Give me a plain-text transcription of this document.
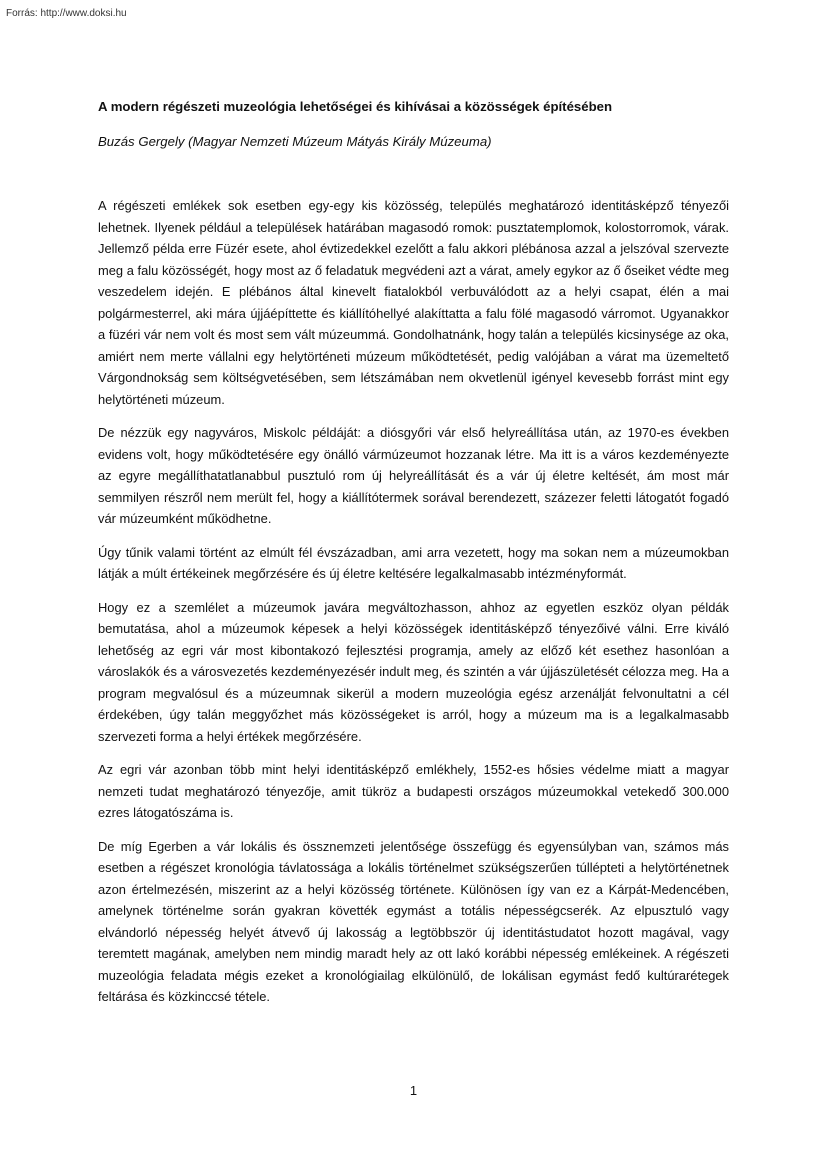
Forrás: http://www.doksi.hu
A modern régészeti muzeológia lehetőségei és kihívásai a közösségek építésében

Buzás Gergely (Magyar Nemzeti Múzeum Mátyás Király Múzeuma)

A régészeti emlékek sok esetben egy-egy kis közösség, település meghatározó identitásképző tényezői lehetnek. Ilyenek például a települések határában magasodó romok: pusztatemplomok, kolostorromok, várak. Jellemző példa erre Füzér esete, ahol évtizedekkel ezelőtt a falu akkori plébánosa azzal a jelszóval szervezte meg a falu közösségét, hogy most az ő feladatuk megvédeni azt a várat, amely egykor az ő őseiket védte meg veszedelem idején. E plébános által kinevelt fiatalokból verbuválódott az a helyi csapat, élén a mai polgármesterrel, aki mára újjáépíttette és kiállítóhellyé alakíttatta a falu fölé magasodó várromot. Ugyanakkor a füzéri vár nem volt és most sem vált múzeummá. Gondolhatnánk, hogy talán a település kicsinysége az oka, amiért nem merte vállalni egy helytörténeti múzeum működtetését, pedig valójában a várat ma üzemeltető Várgondnokság sem költségvetésében, sem létszámában nem okvetlenül igényel kevesebb forrást mint egy helytörténeti múzeum.

De nézzük egy nagyváros, Miskolc példáját: a diósgyőri vár első helyreállítása után, az 1970-es években evidens volt, hogy működtetésére egy önálló vármúzeumot hozzanak létre. Ma itt is a város kezdeményezte az egyre megállíthatatlanabbul pusztuló rom új helyreállítását és a vár új életre keltését, ám most már semmilyen részről nem merült fel, hogy a kiállítótermek sorával berendezett, százezer feletti látogatót fogadó vár múzeumként működhetne.

Úgy tűnik valami történt az elmúlt fél évszázadban, ami arra vezetett, hogy ma sokan nem a múzeumokban látják a múlt értékeinek megőrzésére és új életre keltésére legalkalmasabb intézményformát.

Hogy ez a szemlélet a múzeumok javára megváltozhasson, ahhoz az egyetlen eszköz olyan példák bemutatása, ahol a múzeumok képesek a helyi közösségek identitásképző tényezőivé válni. Erre kiváló lehetőség az egri vár most kibontakozó fejlesztési programja, amely az előző két esethez hasonlóan a városlakók és a városvezetés kezdeményezésér indult meg, és szintén a vár újjászületését célozza meg. Ha a program megvalósul és a múzeumnak sikerül a modern muzeológia egész arzenálját felvonultatni a cél érdekében, úgy talán meggyőzhet más közösségeket is arról, hogy a múzeum ma is a legalkalmasabb szervezeti forma a helyi értékek megőrzésére.

Az egri vár azonban több mint helyi identitásképző emlékhely, 1552-es hősies védelme miatt a magyar nemzeti tudat meghatározó tényezője, amit tükröz a budapesti országos múzeumokkal vetekedő 300.000 ezres látogatószáma is.

De míg Egerben a vár lokális és össznemzeti jelentősége összefügg és egyensúlyban van, számos más esetben a régészet kronológia távlatossága a lokális történelmet szükségszerűen túllépteti a helytörténetnek azon értelmezésén, miszerint az a helyi közösség története. Különösen így van ez a Kárpát-Medencében, amelynek történelme során gyakran követték egymást a totális népességcserék. Az elpusztuló vagy elvándorló népesség helyét átvevő új lakosság a legtöbbször új identitástudatot hozott magával, vagy teremtett magának, amelyben nem mindig maradt hely az ott lakó korábbi népesség emlékeinek. A régészeti muzeológia feladata mégis ezeket a kronológiailag elkülönülő, de lokálisan egymást fedő kultúrarétegek feltárása és közkinccsé tétele.

1
